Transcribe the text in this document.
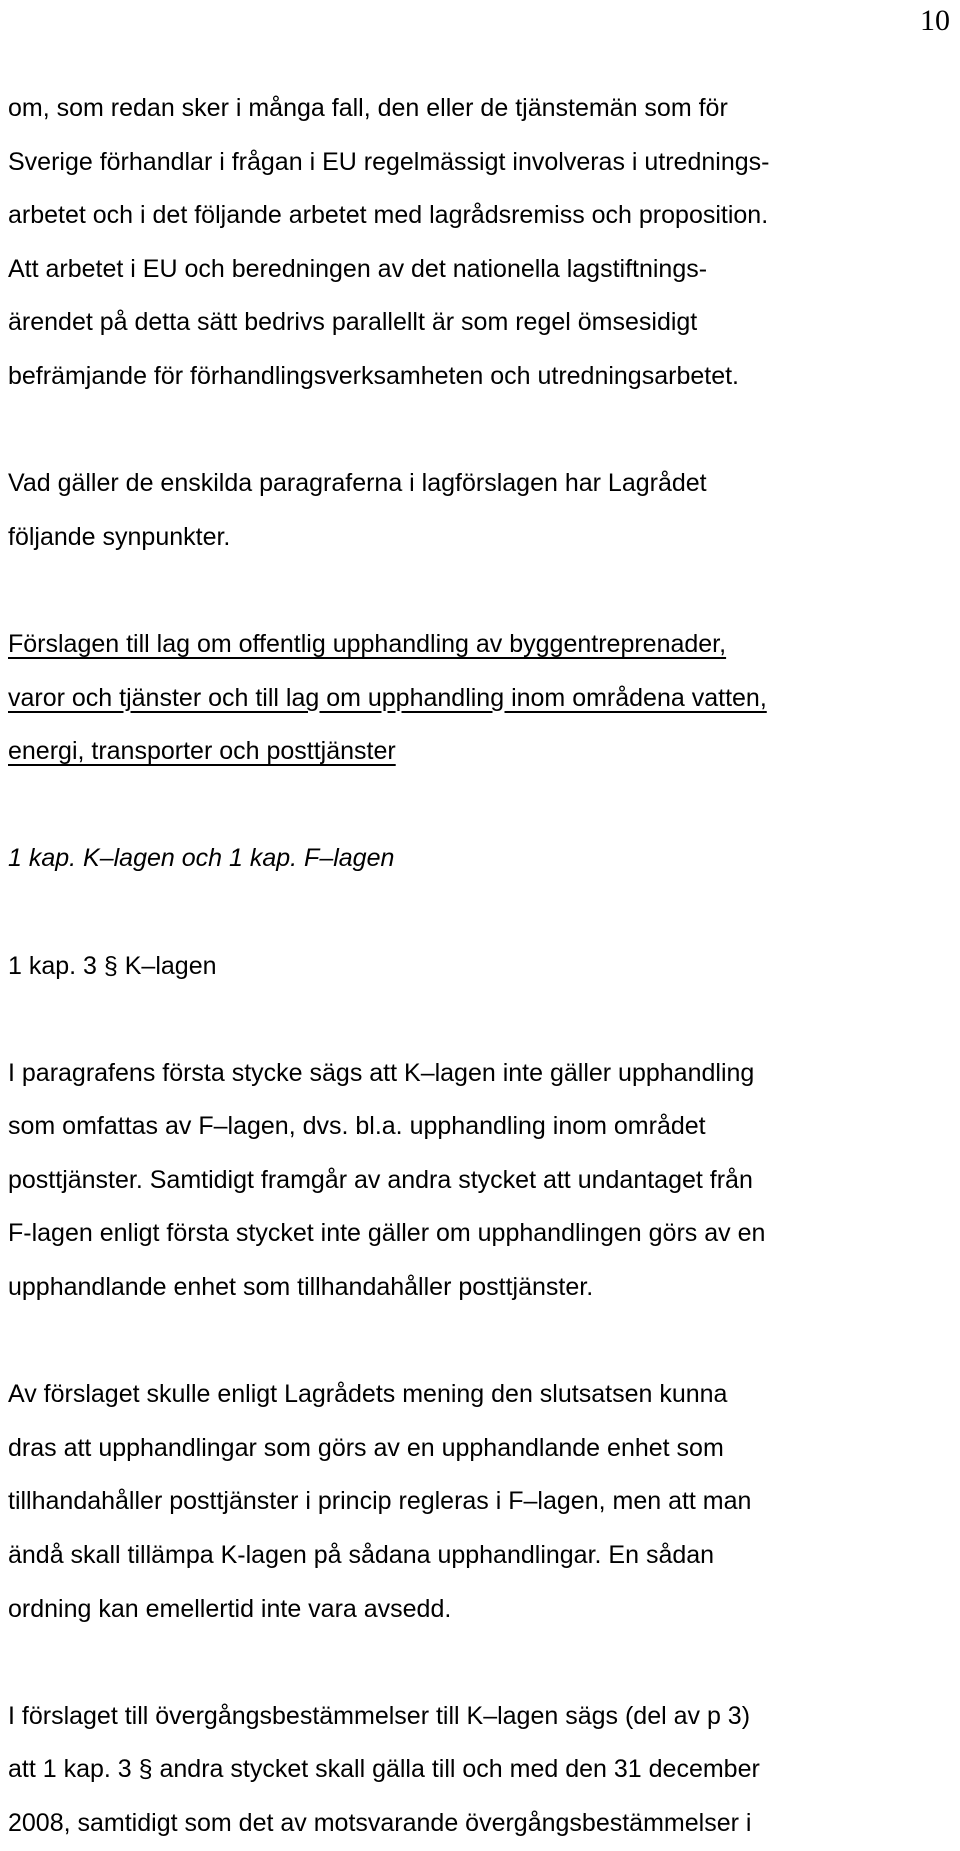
10
om, som redan sker i många fall, den eller de tjänstemän som för
Sverige förhandlar i frågan i EU regelmässigt involveras i utrednings-
arbetet och i det följande arbetet med lagrådsremiss och proposition.
Att arbetet i EU och beredningen av det nationella lagstiftnings-
ärendet på detta sätt bedrivs parallellt är som regel ömsesidigt
befrämjande för förhandlingsverksamheten och utredningsarbetet.
Vad gäller de enskilda paragraferna i lagförslagen har Lagrådet
följande synpunkter.
Förslagen till lag om offentlig upphandling av byggentreprenader,
varor och tjänster och till lag om upphandling inom områdena vatten,
energi, transporter och posttjänster
1 kap. K–lagen och 1 kap. F–lagen
1 kap. 3 § K–lagen
I paragrafens första stycke sägs att K–lagen inte gäller upphandling
som omfattas av F–lagen, dvs. bl.a. upphandling inom området
posttjänster. Samtidigt framgår av andra stycket att undantaget från
F-lagen enligt första stycket inte gäller om upphandlingen görs av en
upphandlande enhet som tillhandahåller posttjänster.
Av förslaget skulle enligt Lagrådets mening den slutsatsen kunna
dras att upphandlingar som görs av en upphandlande enhet som
tillhandahåller posttjänster i princip regleras i F–lagen, men att man
ändå skall tillämpa K-lagen på sådana upphandlingar. En sådan
ordning kan emellertid inte vara avsedd.
I förslaget till övergångsbestämmelser till K–lagen sägs (del av p 3)
att 1 kap. 3 § andra stycket skall gälla till och med den 31 december
2008, samtidigt som det av motsvarande övergångsbestämmelser i
